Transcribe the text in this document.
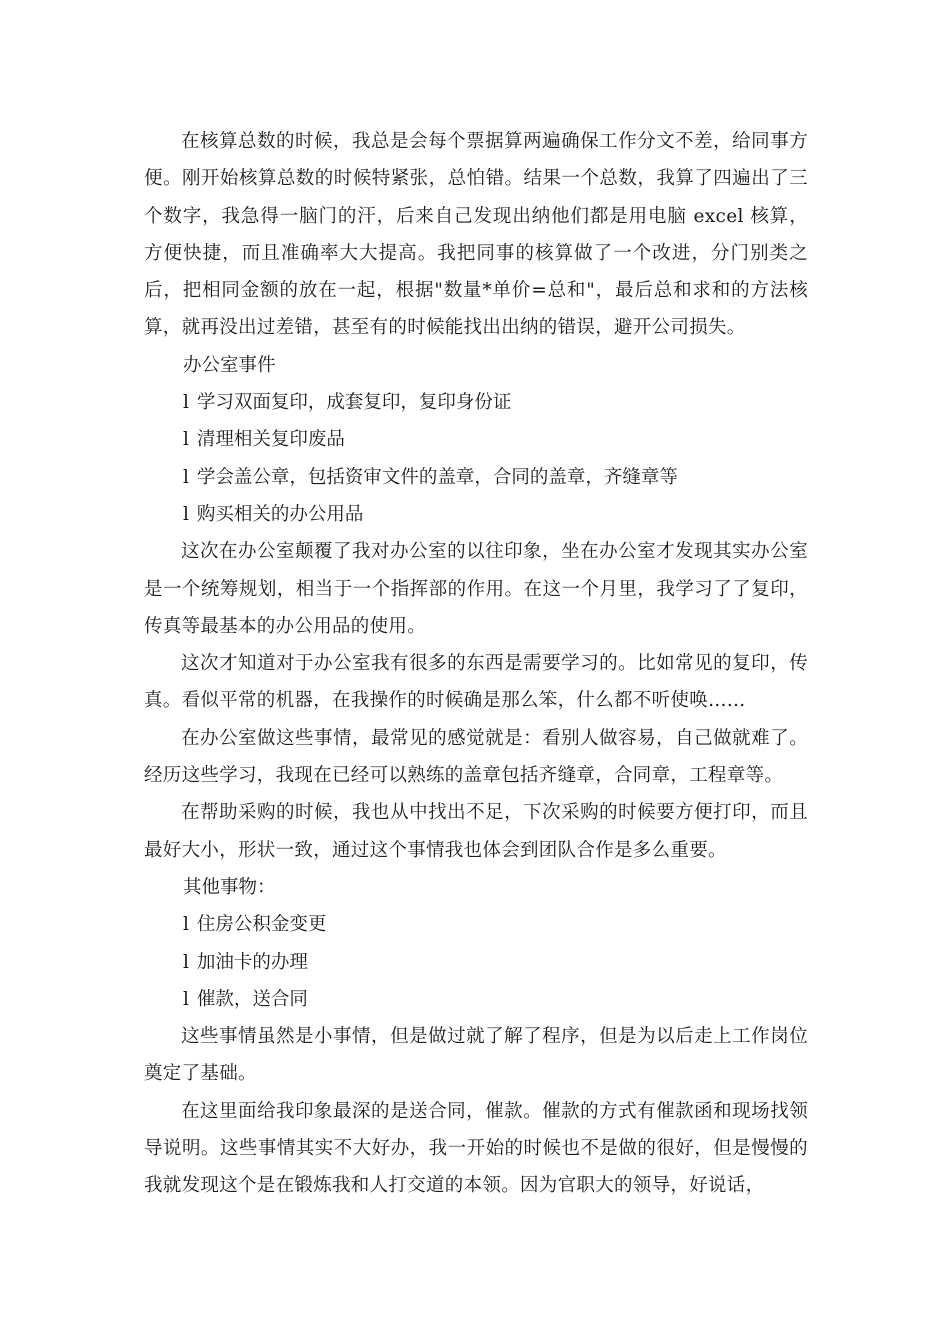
在核算总数的时候，我总是会每个票据算两遍确保工作分文不差，给同事方便。刚开始核算总数的时候特紧张，总怕错。结果一个总数，我算了四遍出了三个数字，我急得一脑门的汗，后来自己发现出纳他们都是用电脑 excel 核算，方便快捷，而且准确率大大提高。我把同事的核算做了一个改进，分门别类之后，把相同金额的放在一起，根据"数量*单价=总和"，最后总和求和的方法核算，就再没出过差错，甚至有的时候能找出出纳的错误，避开公司损失。

办公室事件

l 学习双面复印，成套复印，复印身份证

l 清理相关复印废品

l 学会盖公章，包括资审文件的盖章，合同的盖章，齐缝章等

l 购买相关的办公用品

这次在办公室颠覆了我对办公室的以往印象，坐在办公室才发现其实办公室是一个统筹规划，相当于一个指挥部的作用。在这一个月里，我学习了了复印，传真等最基本的办公用品的使用。

这次才知道对于办公室我有很多的东西是需要学习的。比如常见的复印，传真。看似平常的机器，在我操作的时候确是那么笨，什么都不听使唤……

在办公室做这些事情，最常见的感觉就是：看别人做容易，自己做就难了。经历这些学习，我现在已经可以熟练的盖章包括齐缝章，合同章，工程章等。

在帮助采购的时候，我也从中找出不足，下次采购的时候要方便打印，而且最好大小，形状一致，通过这个事情我也体会到团队合作是多么重要。

其他事物：

l 住房公积金变更

l 加油卡的办理

l 催款，送合同

这些事情虽然是小事情，但是做过就了解了程序，但是为以后走上工作岗位奠定了基础。

在这里面给我印象最深的是送合同，催款。催款的方式有催款函和现场找领导说明。这些事情其实不大好办，我一开始的时候也不是做的很好，但是慢慢的我就发现这个是在锻炼我和人打交道的本领。因为官职大的领导，好说话，
